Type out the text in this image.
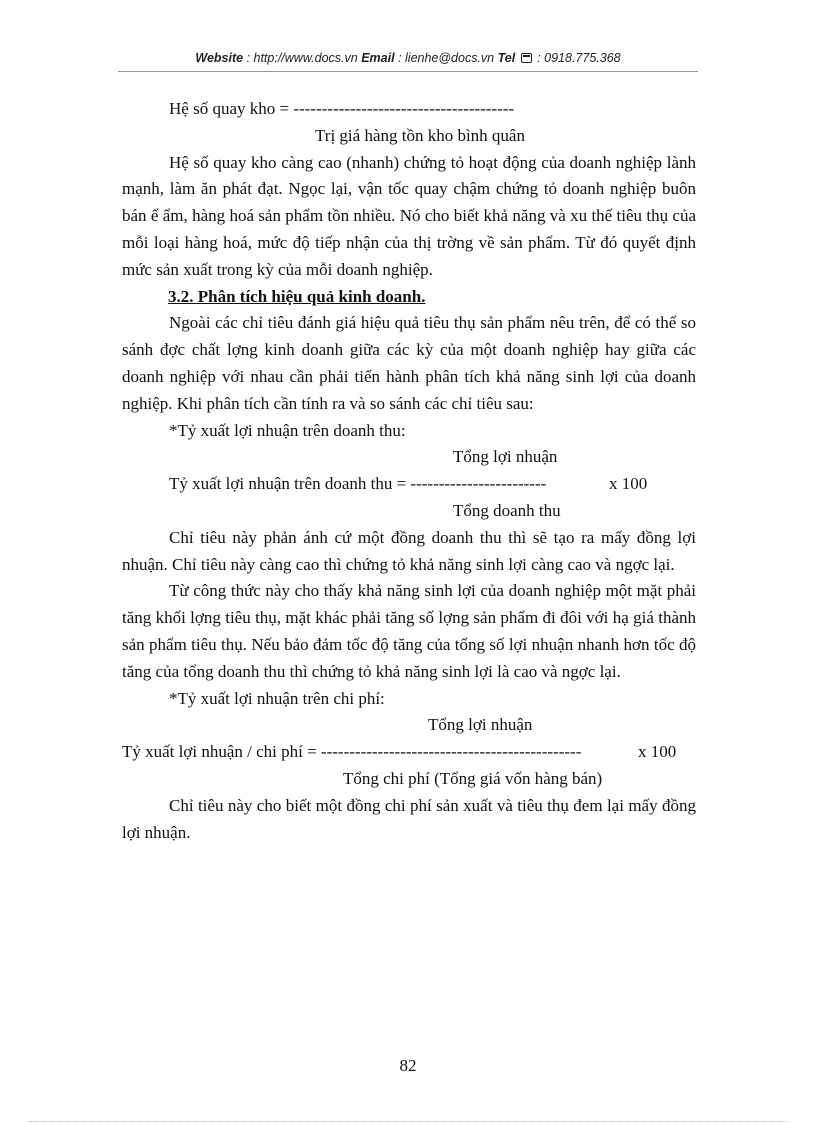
Website : http://www.docs.vn Email : lienhe@docs.vn Tel : 0918.775.368

Hệ số quay kho = ---------------------------------------

Trị giá hàng tồn kho bình quân

Hệ số quay kho càng cao (nhanh) chứng tỏ hoạt động của doanh nghiệp lành mạnh, làm ăn phát đạt. Ngọc lại, vận tốc quay chậm chứng tỏ doanh nghiệp buôn bán ế ẩm, hàng hoá sản phẩm tồn nhiều. Nó cho biết khả năng và xu thế tiêu thụ của mỗi loại hàng hoá, mức độ tiếp nhận của thị trờng về sản phẩm. Từ đó quyết định mức sản xuất trong kỳ của mỗi doanh nghiệp.

3.2. Phân tích hiệu quả kinh doanh.

Ngoài các chỉ tiêu đánh giá hiệu quả tiêu thụ sản phẩm nêu trên, để có thể so sánh đợc chất lợng kinh doanh giữa các kỳ của một doanh nghiệp hay giữa các doanh nghiệp với nhau cần phải tiến hành phân tích khả năng sinh lợi của doanh nghiệp. Khi phân tích cần tính ra và so sánh các chỉ tiêu sau:

*Tỷ xuất lợi nhuận trên doanh thu:

Tổng lợi nhuận

Tỷ xuất lợi nhuận trên doanh thu = ------------------------	x 100

Tổng doanh thu

Chỉ tiêu này phản ánh cứ một đồng doanh thu thì sẽ tạo ra mấy đồng lợi nhuận. Chỉ tiêu này càng cao thì chứng tỏ khả năng sinh lợi càng cao và ngợc lại.

Từ công thức này cho thấy khả năng sinh lợi của doanh nghiệp một mặt phải tăng khối lợng tiêu thụ, mặt khác phải tăng số lợng sản phẩm đi đôi với hạ giá thành sản phẩm tiêu thụ. Nếu bảo đảm tốc độ tăng của tổng số lợi nhuận nhanh hơn tốc độ tăng của tổng doanh thu thì chứng tỏ khả năng sinh lợi là cao và ngợc lại.

*Tỷ xuất lợi nhuận trên chi phí:

Tổng lợi nhuận

Tỷ xuất lợi nhuận / chi phí = ----------------------------------------------	x 100

Tổng chi phí (Tổng giá vốn hàng bán)

Chỉ tiêu này cho biết một đồng chi phí sản xuất và tiêu thụ đem lại mấy đồng lợi nhuận.

82
